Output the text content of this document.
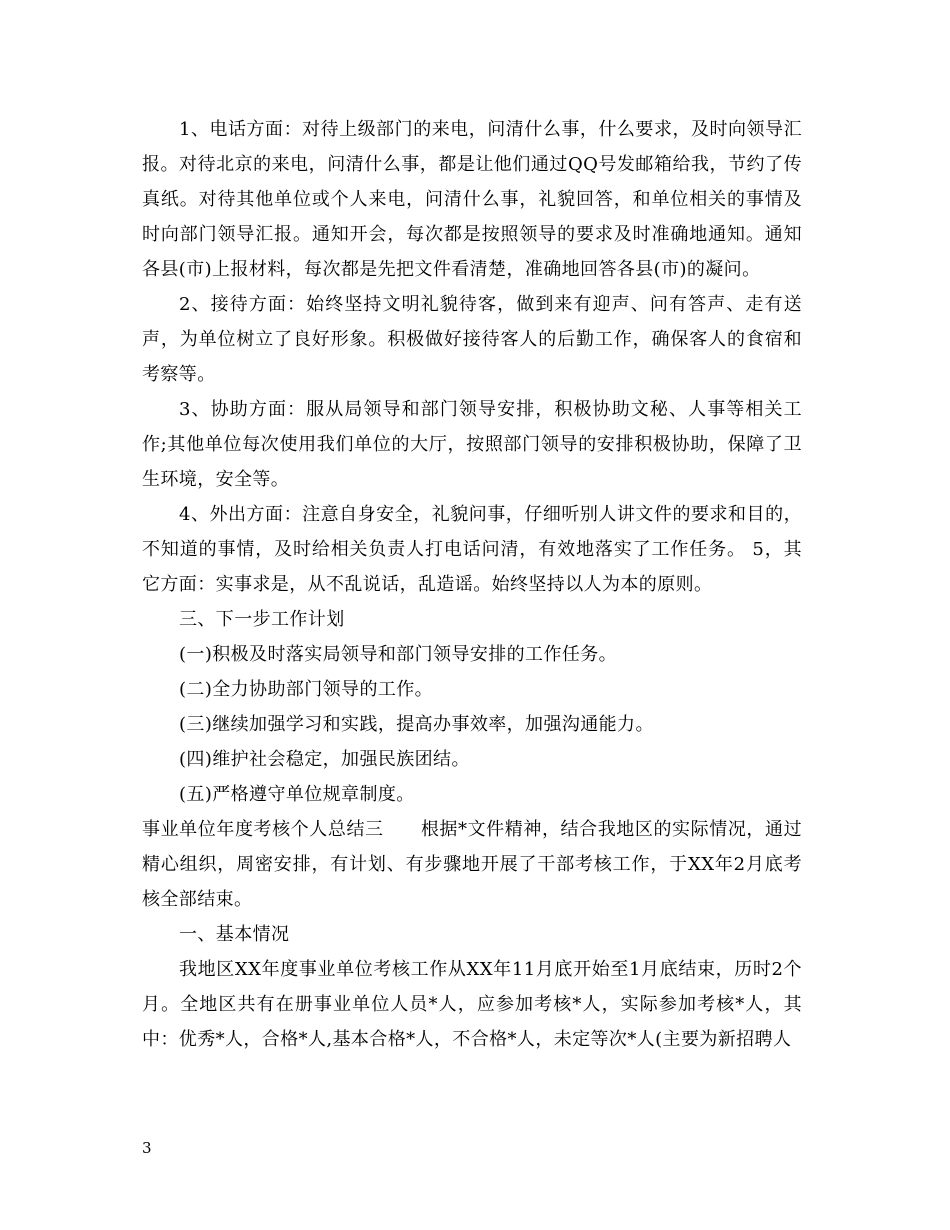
1、电话方面：对待上级部门的来电，问清什么事，什么要求，及时向领导汇报。对待北京的来电，问清什么事，都是让他们通过QQ号发邮箱给我，节约了传真纸。对待其他单位或个人来电，问清什么事，礼貌回答，和单位相关的事情及时向部门领导汇报。通知开会，每次都是按照领导的要求及时准确地通知。通知各县(市)上报材料，每次都是先把文件看清楚，准确地回答各县(市)的凝问。

2、接待方面：始终坚持文明礼貌待客，做到来有迎声、问有答声、走有送声，为单位树立了良好形象。积极做好接待客人的后勤工作，确保客人的食宿和考察等。

3、协助方面：服从局领导和部门领导安排，积极协助文秘、人事等相关工作;其他单位每次使用我们单位的大厅，按照部门领导的安排积极协助，保障了卫生环境，安全等。

4、外出方面：注意自身安全，礼貌问事，仔细听别人讲文件的要求和目的，不知道的事情，及时给相关负责人打电话问清，有效地落实了工作任务。 5，其它方面：实事求是，从不乱说话，乱造谣。始终坚持以人为本的原则。

三、下一步工作计划

(一)积极及时落实局领导和部门领导安排的工作任务。

(二)全力协助部门领导的工作。

(三)继续加强学习和实践，提高办事效率，加强沟通能力。

(四)维护社会稳定，加强民族团结。

(五)严格遵守单位规章制度。

事业单位年度考核个人总结三　　根据*文件精神，结合我地区的实际情况，通过精心组织，周密安排，有计划、有步骤地开展了干部考核工作，于XX年2月底考核全部结束。

一、基本情况

我地区XX年度事业单位考核工作从XX年11月底开始至1月底结束，历时2个月。全地区共有在册事业单位人员*人，应参加考核*人，实际参加考核*人，其中：优秀*人，合格*人,基本合格*人，不合格*人，未定等次*人(主要为新招聘人

3
